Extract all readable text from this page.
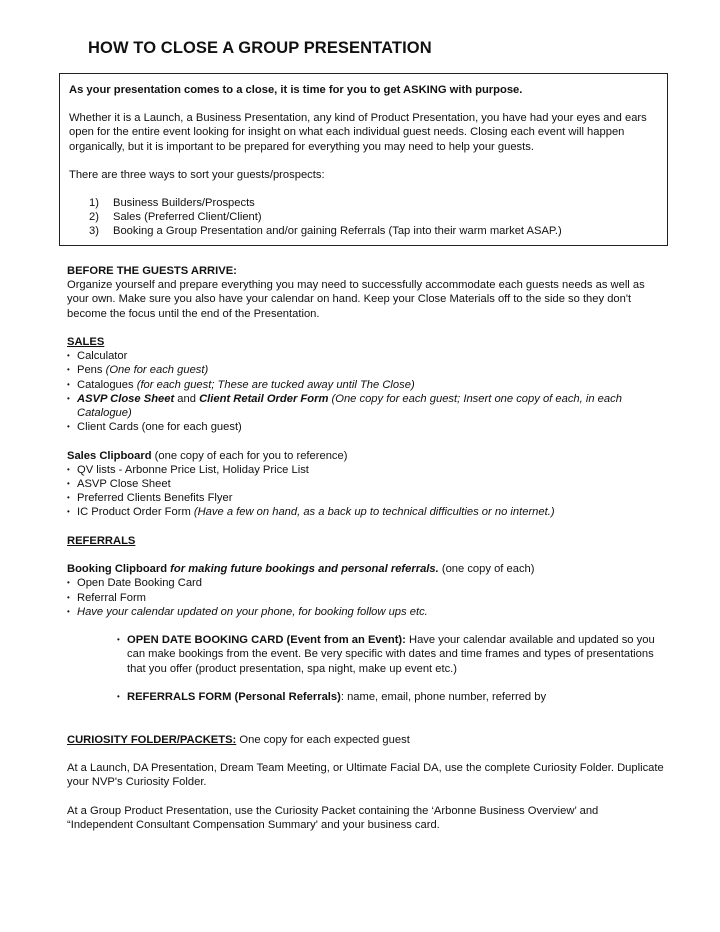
HOW TO CLOSE A GROUP PRESENTATION

As your presentation comes to a close, it is time for you to get ASKING with purpose.

Whether it is a Launch, a Business Presentation, any kind of Product Presentation, you have had your eyes and ears open for the entire event looking for insight on what each individual guest needs. Closing each event will happen organically, but it is important to be prepared for everything you may need to help your guests.

There are three ways to sort your guests/prospects:

1)	Business Builders/Prospects
2)	Sales (Preferred Client/Client)
3)	Booking a Group Presentation and/or gaining Referrals (Tap into their warm market ASAP.)

BEFORE THE GUESTS ARRIVE:

Organize yourself and prepare everything you may need to successfully accommodate each guests needs as well as your own. Make sure you also have your calendar on hand. Keep your Close Materials off to the side so they don't become the focus until the end of the Presentation.

SALES

• Calculator
• Pens (One for each guest)
• Catalogues (for each guest; These are tucked away until The Close)
• ASVP Close Sheet and Client Retail Order Form (One copy for each guest; Insert one copy of each, in each Catalogue)
• Client Cards (one for each guest)

Sales Clipboard (one copy of each for you to reference)

• QV lists - Arbonne Price List, Holiday Price List
• ASVP Close Sheet
• Preferred Clients Benefits Flyer
• IC Product Order Form (Have a few on hand, as a back up to technical difficulties or no internet.)

REFERRALS

Booking Clipboard for making future bookings and personal referrals. (one copy of each)

• Open Date Booking Card
• Referral Form
• Have your calendar updated on your phone, for booking follow ups etc.
• OPEN DATE BOOKING CARD (Event from an Event): Have your calendar available and updated so you can make bookings from the event. Be very specific with dates and time frames and types of presentations that you offer (product presentation, spa night, make up event etc.)
• REFERRALS FORM (Personal Referrals): name, email, phone number, referred by

CURIOSITY FOLDER/PACKETS: One copy for each expected guest

At a Launch, DA Presentation, Dream Team Meeting, or Ultimate Facial DA, use the complete Curiosity Folder. Duplicate your NVP's Curiosity Folder.

At a Group Product Presentation, use the Curiosity Packet containing the ‘Arbonne Business Overview’ and “Independent Consultant Compensation Summary' and your business card.
